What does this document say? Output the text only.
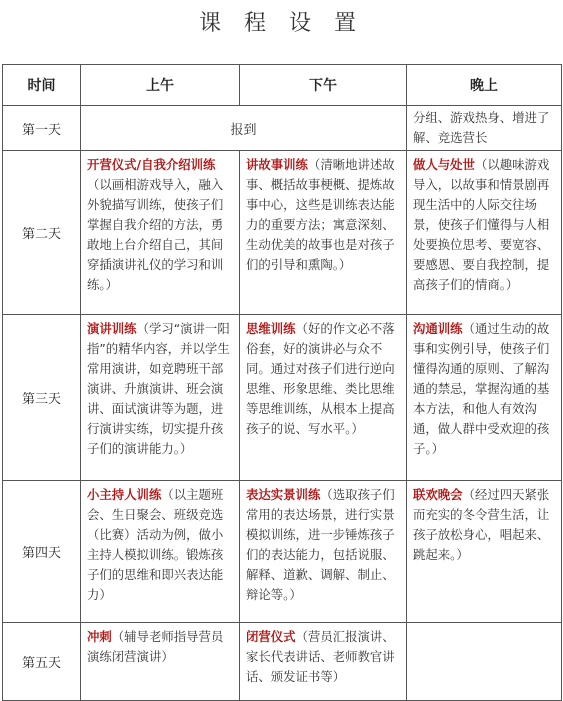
课 程 设 置
时间	上午	下午	晚上
第一天	报到		分组、游戏热身、增进了解、竞选营长
第二天	开营仪式/自我介绍训练（以画相游戏导入，融入外貌描写训练，使孩子们掌握自我介绍的方法，勇敢地上台介绍自己，其间穿插演讲礼仪的学习和训练。）	讲故事训练（清晰地讲述故事、概括故事梗概、提炼故事中心，这些是训练表达能力的重要方法；寓意深刻、生动优美的故事也是对孩子们的引导和熏陶。）	做人与处世（以趣味游戏导入，以故事和情景剧再现生活中的人际交往场景，使孩子们懂得与人相处要换位思考、要宽容、要感恩、要自我控制，提高孩子们的情商。）
第三天	演讲训练（学习“演讲一阳指”的精华内容，并以学生常用演讲，如竞聘班干部演讲、升旗演讲、班会演讲、面试演讲等为题，进行演讲实练，切实提升孩子们的演讲能力。）	思维训练（好的作文必不落俗套，好的演讲必与众不同。通过对孩子们进行逆向思维、形象思维、类比思维等思维训练，从根本上提高孩子的说、写水平。）	沟通训练（通过生动的故事和实例引导，使孩子们懂得沟通的原则、了解沟通的禁忌，掌握沟通的基本方法，和他人有效沟通，做人群中受欢迎的孩子。）
第四天	小主持人训练（以主题班会、生日聚会、班级竞选（比赛）活动为例，做小主持人模拟训练。锻炼孩子们的思维和即兴表达能力）	表达实景训练（选取孩子们常用的表达场景，进行实景模拟训练，进一步锤炼孩子们的表达能力，包括说服、解释、道歉、调解、制止、辩论等。）	联欢晚会（经过四天紧张而充实的冬令营生活，让孩子放松身心，唱起来、跳起来。）
第五天	冲刺（辅导老师指导营员演练闭营演讲）	闭营仪式（营员汇报演讲、家长代表讲话、老师教官讲话、颁发证书等）	
